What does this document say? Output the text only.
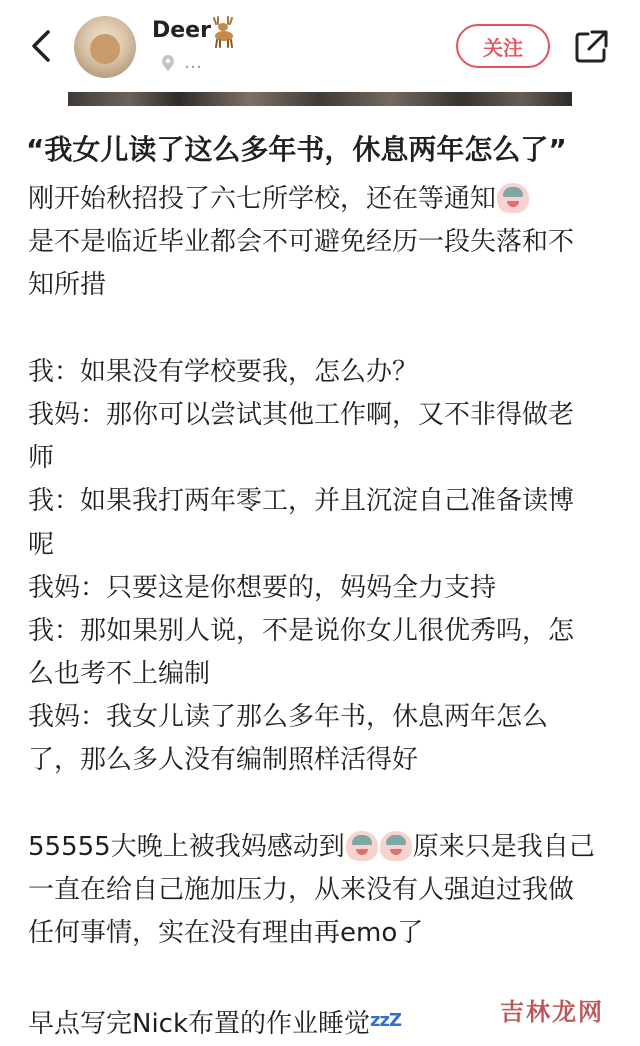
Deer
…
关注
“我女儿读了这么多年书，休息两年怎么了”
刚开始秋招投了六七所学校，还在等通知
是不是临近毕业都会不可避免经历一段失落和不
知所措
我：如果没有学校要我，怎么办？
我妈：那你可以尝试其他工作啊，又不非得做老
师
我：如果我打两年零工，并且沉淀自己准备读博
呢
我妈：只要这是你想要的，妈妈全力支持
我：那如果别人说，不是说你女儿很优秀吗，怎
么也考不上编制
我妈：我女儿读了那么多年书，休息两年怎么
了，那么多人没有编制照样活得好
55555大晚上被我妈感动到	原来只是我自己
一直在给自己施加压力，从来没有人强迫过我做
任何事情，实在没有理由再emo了
早点写完Nick布置的作业睡觉$^{zzZ}$	吉林龙网
